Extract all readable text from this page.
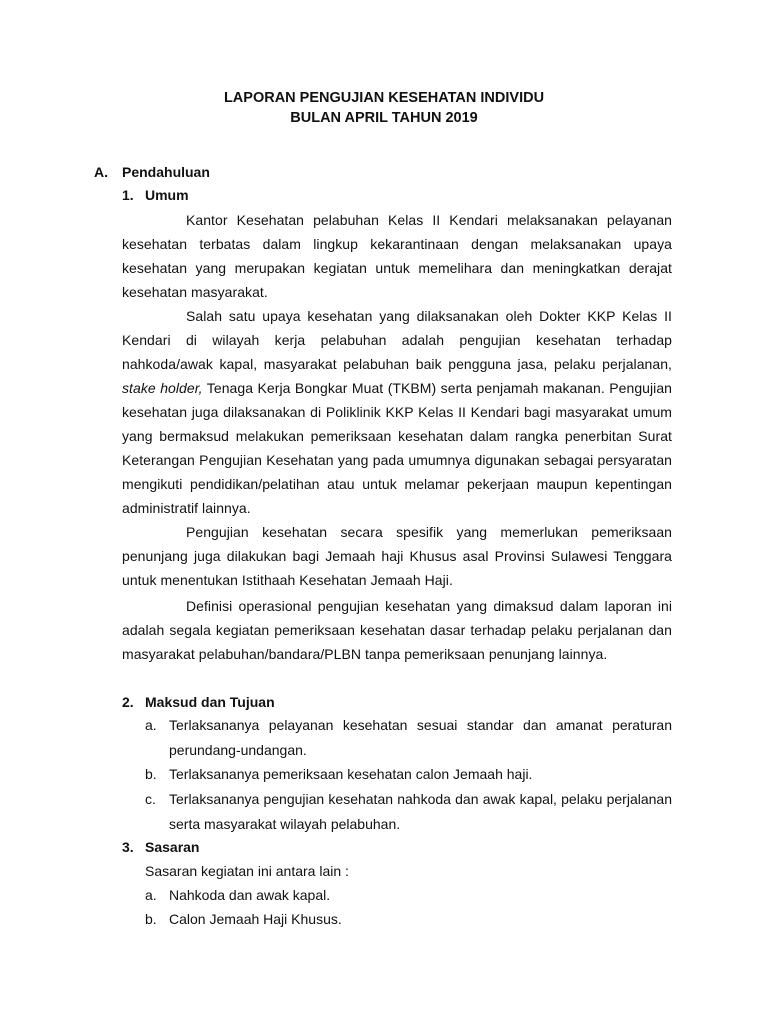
LAPORAN PENGUJIAN KESEHATAN INDIVIDU
BULAN APRIL TAHUN 2019
A. Pendahuluan
1. Umum

Kantor Kesehatan pelabuhan Kelas II Kendari melaksanakan pelayanan kesehatan terbatas dalam lingkup kekarantinaan dengan melaksanakan upaya kesehatan yang merupakan kegiatan untuk memelihara dan meningkatkan derajat kesehatan masyarakat.

Salah satu upaya kesehatan yang dilaksanakan oleh Dokter KKP Kelas II Kendari di wilayah kerja pelabuhan adalah pengujian kesehatan terhadap nahkoda/awak kapal, masyarakat pelabuhan baik pengguna jasa, pelaku perjalanan, stake holder, Tenaga Kerja Bongkar Muat (TKBM) serta penjamah makanan. Pengujian kesehatan juga dilaksanakan di Poliklinik KKP Kelas II Kendari bagi masyarakat umum yang bermaksud melakukan pemeriksaan kesehatan dalam rangka penerbitan Surat Keterangan Pengujian Kesehatan yang pada umumnya digunakan sebagai persyaratan mengikuti pendidikan/pelatihan atau untuk melamar pekerjaan maupun kepentingan administratif lainnya.

Pengujian kesehatan secara spesifik yang memerlukan pemeriksaan penunjang juga dilakukan bagi Jemaah haji Khusus asal Provinsi Sulawesi Tenggara untuk menentukan Istithaah Kesehatan Jemaah Haji.

Definisi operasional pengujian kesehatan yang dimaksud dalam laporan ini adalah segala kegiatan pemeriksaan kesehatan dasar terhadap pelaku perjalanan dan masyarakat pelabuhan/bandara/PLBN tanpa pemeriksaan penunjang lainnya.

2. Maksud dan Tujuan
a. Terlaksananya pelayanan kesehatan sesuai standar dan amanat peraturan perundang-undangan.

b. Terlaksananya pemeriksaan kesehatan calon Jemaah haji.

c. Terlaksananya pengujian kesehatan nahkoda dan awak kapal, pelaku perjalanan serta masyarakat wilayah pelabuhan.

3. Sasaran
Sasaran kegiatan ini antara lain :
a. Nahkoda dan awak kapal.
b. Calon Jemaah Haji Khusus.
